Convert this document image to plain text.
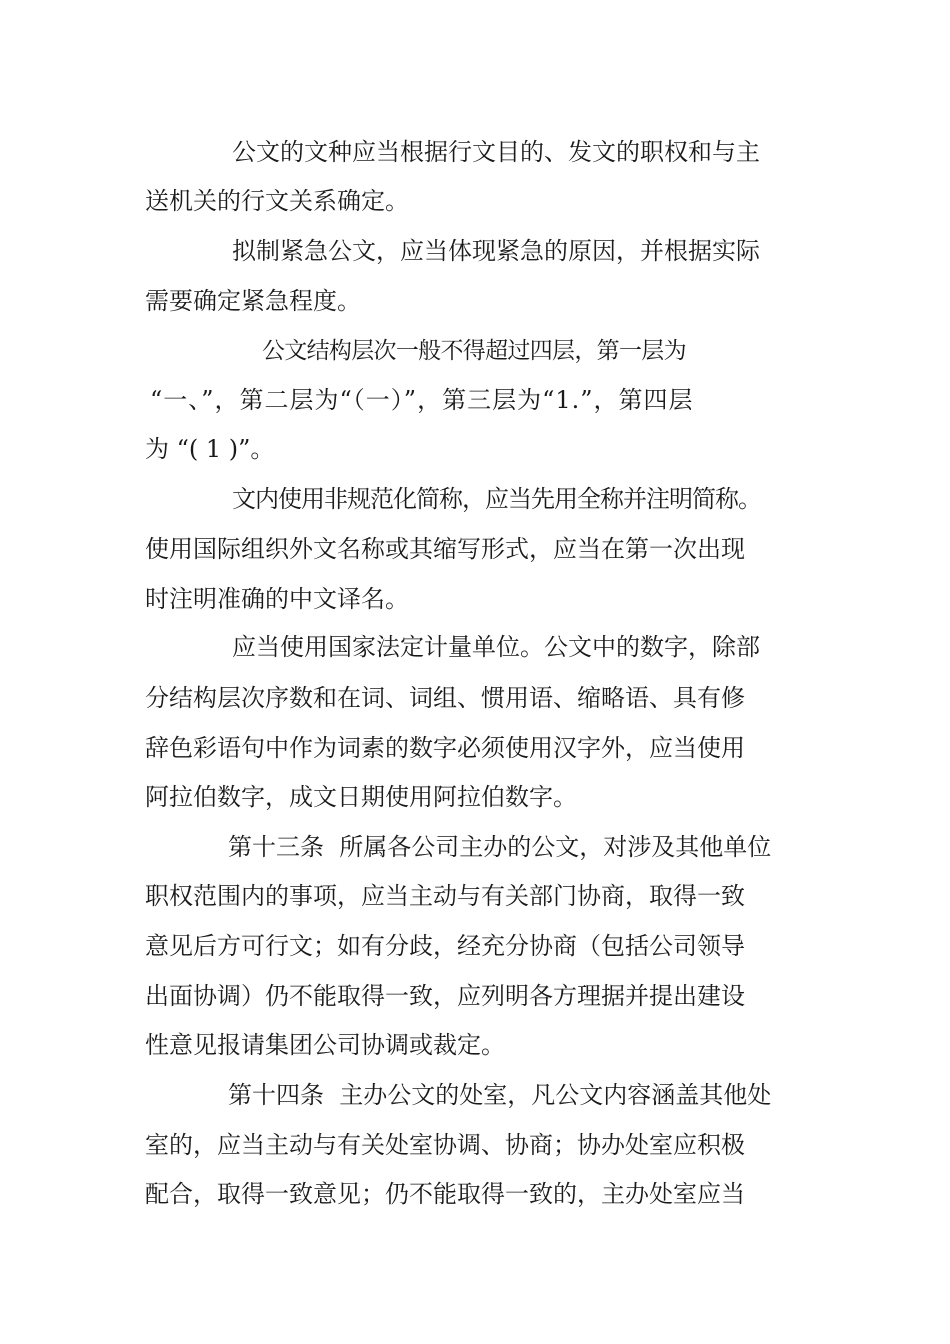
公文的文种应当根据行文目的、发文的职权和与主
送机关的行文关系确定。
拟制紧急公文，应当体现紧急的原因，并根据实际
需要确定紧急程度。
公 文 结 构 层 次 一 般 不 得 超 过 四 层 ， 第 一 层 为
“一、”，第二层为“（一）”，第三层为“1.”，第四层
为 “( 1 )”。
文内使用非规范化简称，应当先用全称并注明简称。
使用国际组织外文名称或其缩写形式，应当在第一次出现
时注明准确的中文译名。
应当使用国家法定计量单位。公文中的数字，除部
分结构层次序数和在词、词组、惯用语、缩略语、具有修
辞色彩语句中作为词素的数字必须使用汉字外，应当使用
阿拉伯数字，成文日期使用阿拉伯数字。
第十三条  所属各公司主办的公文，对涉及其他单位
职权范围内的事项，应当主动与有关部门协商，取得一致
意见后方可行文；如有分歧，经充分协商（包括公司领导
出面协调）仍不能取得一致，应列明各方理据并提出建设
性意见报请集团公司协调或裁定。
第十四条  主办公文的处室，凡公文内容涵盖其他处
室的，应当主动与有关处室协调、协商；协办处室应积极
配合，取得一致意见；仍不能取得一致的，主办处室应当
